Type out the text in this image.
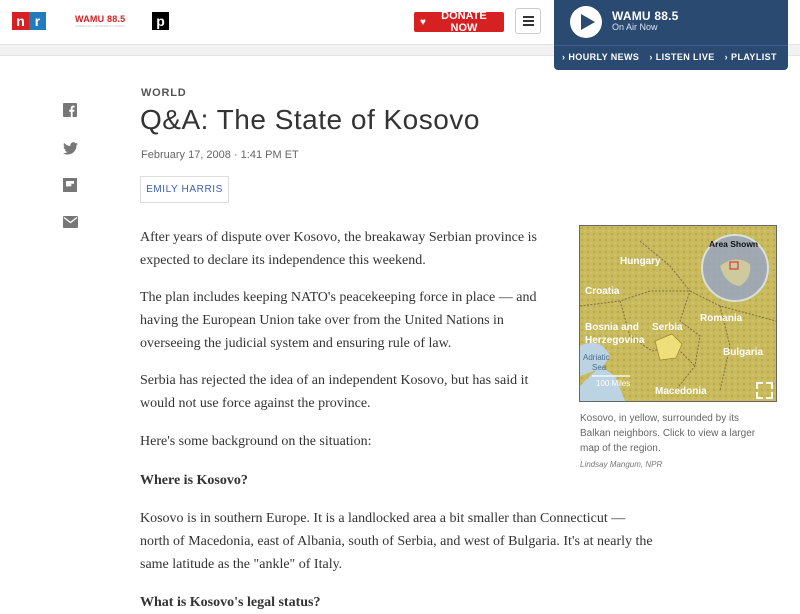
n	p
r	WAMU 88.5
AMERICAN UNIVERSITY RADIO	♥	DONATE NOW
WAMU 88.5
On Air Now
› HOURLY NEWS › LISTEN LIVE › PLAYLIST
WORLD
Q&A: The State of Kosovo
February 17, 2008 · 1:41 PM ET
EMILY HARRIS

After years of dispute over Kosovo, the breakaway Serbian province is expected to declare its independence this weekend.

The plan includes keeping NATO's peacekeeping force in place — and having the European Union take over from the United Nations in overseeing the judicial system and ensuring rule of law.

Serbia has rejected the idea of an independent Kosovo, but has said it would not use force against the province.

Here's some background on the situation:

Where is Kosovo?

Kosovo is in southern Europe. It is a landlocked area a bit smaller than Connecticut — north of Macedonia, east of Albania, south of Serbia, and west of Bulgaria. It's at nearly the same latitude as the "ankle" of Italy.

What is Kosovo's legal status?

Area Shown
Hungary
Croatia
Romania
Bosnia and
Herzegovina
Serbia
Adriatic
Sea
Bulgaria
Macedonia
100 Miles
Kosovo, in yellow, surrounded by its Balkan neighbors. Click to view a larger map of the region.
Lindsay Mangum, NPR
